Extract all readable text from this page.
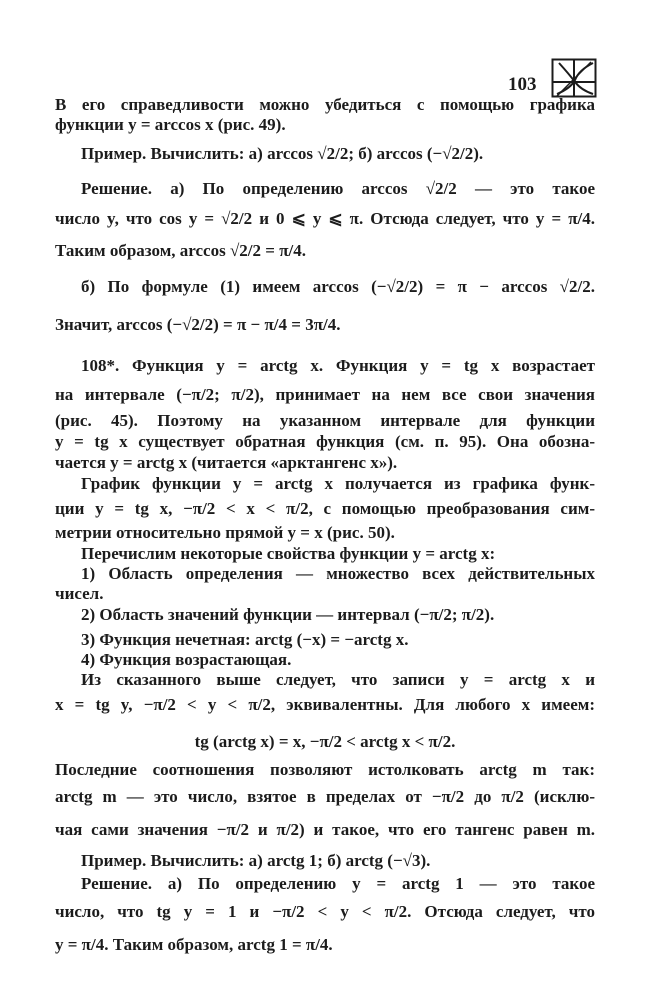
103
В его справедливости можно убедиться с помощью графика
функции y = arccos x (рис. 49).
Пример. Вычислить: а) arccos √2/2; б) arccos (−√2/2).
Решение. а) По определению arccos √2/2 — это такое
число y, что cos y = √2/2 и 0 ⩽ y ⩽ π. Отсюда следует, что y = π/4.
Таким образом, arccos √2/2 = π/4.
б) По формуле (1) имеем arccos (−√2/2) = π − arccos √2/2.
Значит, arccos (−√2/2) = π − π/4 = 3π/4.
108*. Функция y = arctg x. Функция y = tg x возрастает
на интервале (−π/2; π/2), принимает на нем все свои значения
(рис. 45). Поэтому на указанном интервале для функции
y = tg x существует обратная функция (см. п. 95). Она обозна-
чается y = arctg x (читается «арктангенс x»).
График функции y = arctg x получается из графика функ-
ции y = tg x, −π/2 < x < π/2, с помощью преобразования сим-
метрии относительно прямой y = x (рис. 50).
Перечислим некоторые свойства функции y = arctg x:
1) Область определения — множество всех действительных
чисел.
2) Область значений функции — интервал (−π/2; π/2).
3) Функция нечетная: arctg (−x) = −arctg x.
4) Функция возрастающая.
Из сказанного выше следует, что записи y = arctg x и
x = tg y, −π/2 < y < π/2, эквивалентны. Для любого x имеем:
tg (arctg x) = x, −π/2 < arctg x < π/2.
Последние соотношения позволяют истолковать arctg m так:
arctg m — это число, взятое в пределах от −π/2 до π/2 (исклю-
чая сами значения −π/2 и π/2) и такое, что его тангенс равен m.
Пример. Вычислить: а) arctg 1; б) arctg (−√3).
Решение. а) По определению y = arctg 1 — это такое
число, что tg y = 1 и −π/2 < y < π/2. Отсюда следует, что
y = π/4. Таким образом, arctg 1 = π/4.
